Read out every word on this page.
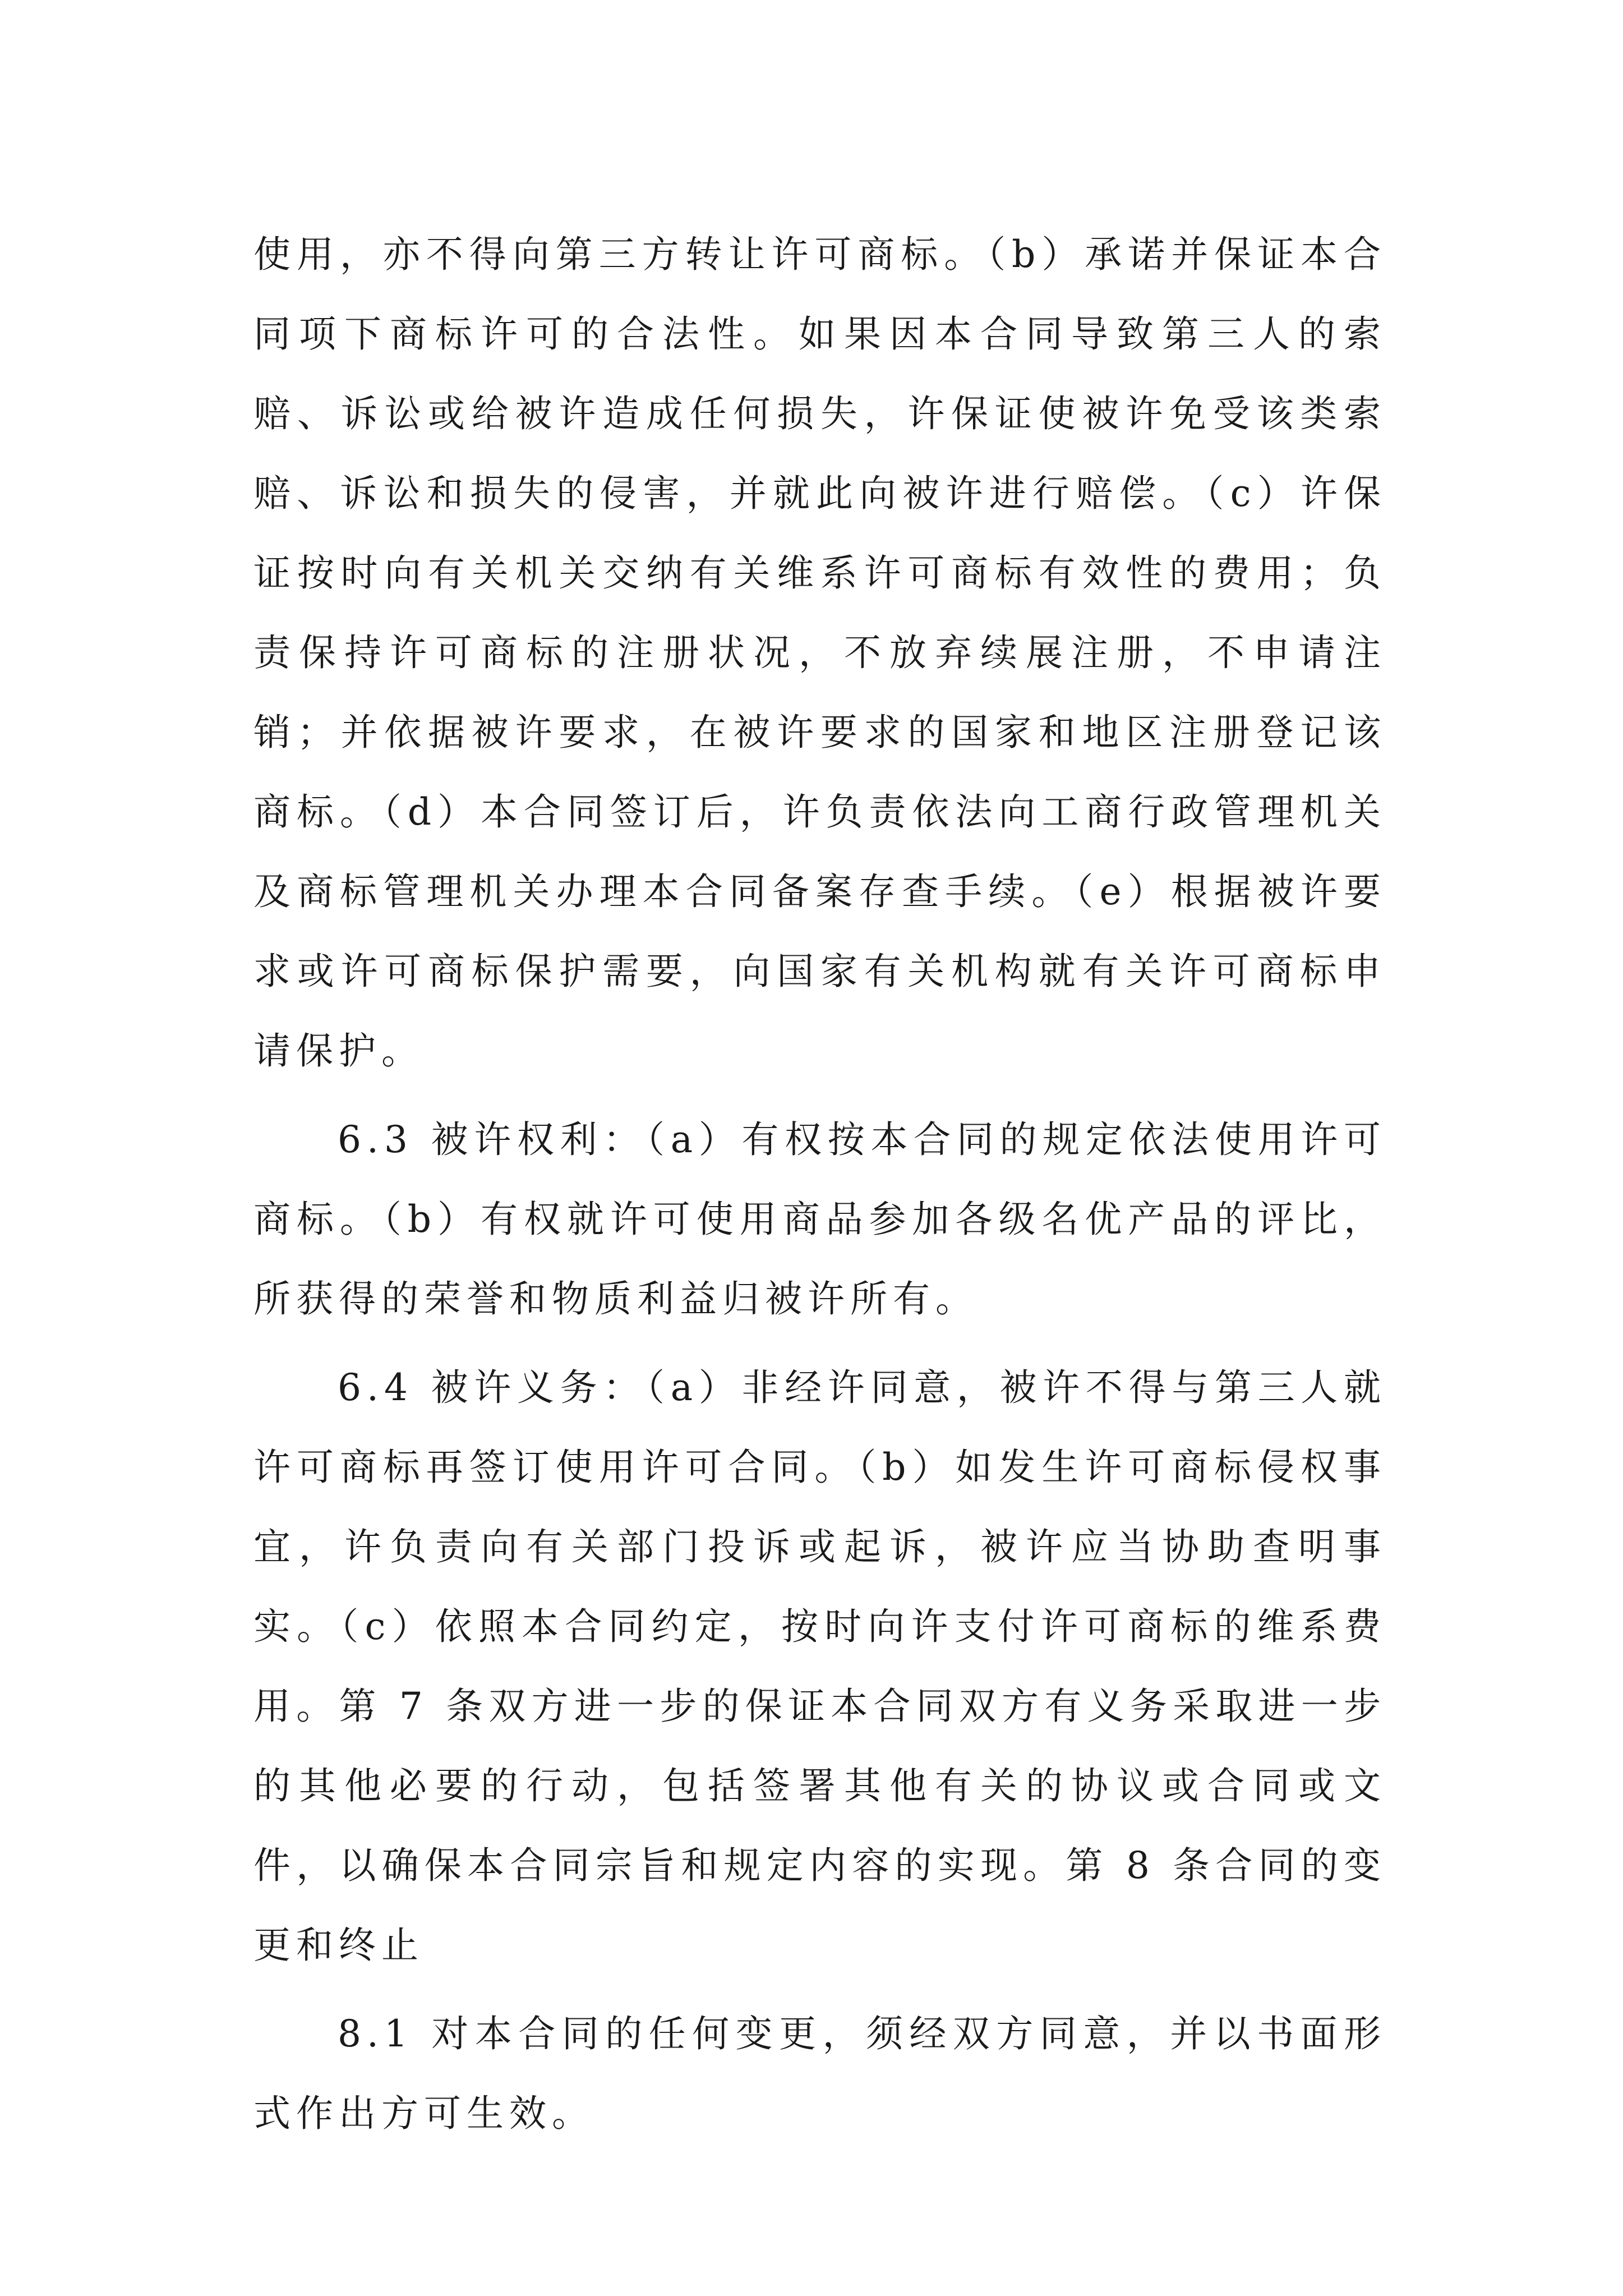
使用，亦不得向第三方转让许可商标。（b）承诺并保证本合同项下商标许可的合法性。如果因本合同导致第三人的索赔、诉讼或给被许造成任何损失，许保证使被许免受该类索赔、诉讼和损失的侵害，并就此向被许进行赔偿。（c）许保证按时向有关机关交纳有关维系许可商标有效性的费用；负责保持许可商标的注册状况，不放弃续展注册，不申请注销；并依据被许要求，在被许要求的国家和地区注册登记该商标。（d）本合同签订后，许负责依法向工商行政管理机关及商标管理机关办理本合同备案存查手续。（e）根据被许要求或许可商标保护需要，向国家有关机构就有关许可商标申请保护。

6.3 被许权利：（a）有权按本合同的规定依法使用许可商标。（b）有权就许可使用商品参加各级名优产品的评比，所获得的荣誉和物质利益归被许所有。

6.4 被许义务：（a）非经许同意，被许不得与第三人就许可商标再签订使用许可合同。（b）如发生许可商标侵权事宜，许负责向有关部门投诉或起诉，被许应当协助查明事实。（c）依照本合同约定，按时向许支付许可商标的维系费用。第 7 条双方进一步的保证本合同双方有义务采取进一步的其他必要的行动，包括签署其他有关的协议或合同或文件，以确保本合同宗旨和规定内容的实现。第 8 条合同的变更和终止

8.1 对本合同的任何变更，须经双方同意，并以书面形式作出方可生效。
